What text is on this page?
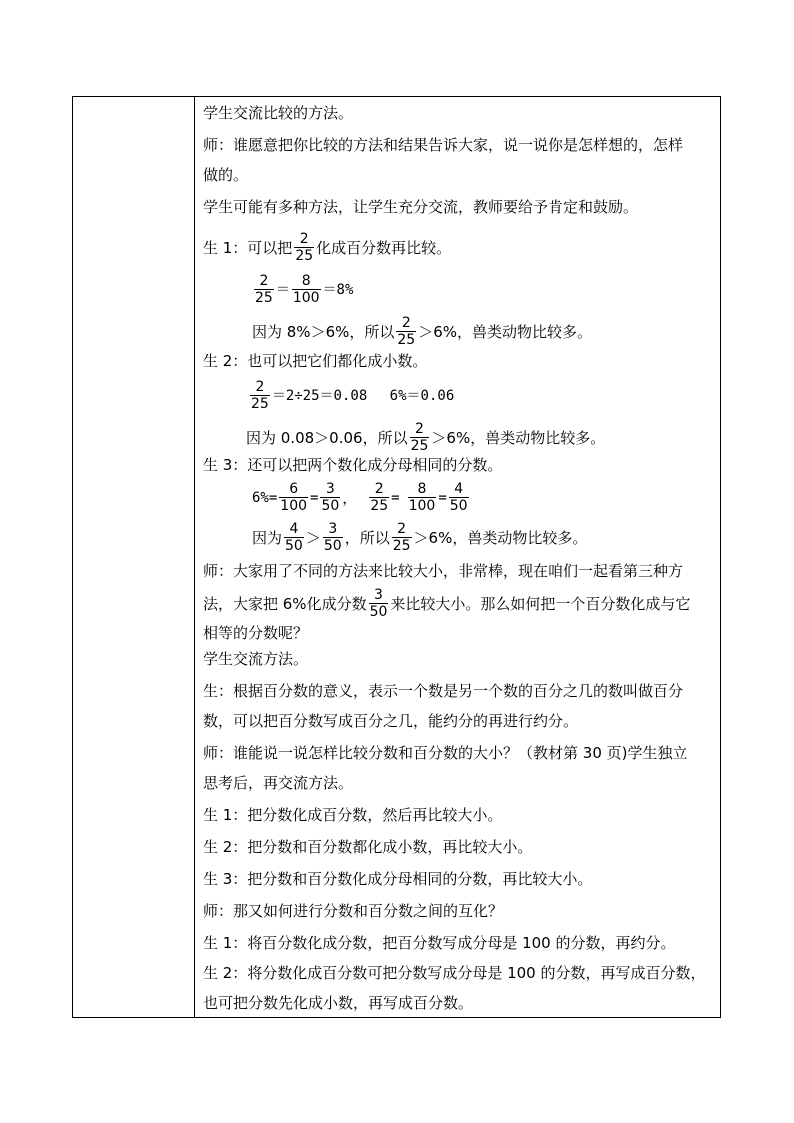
学生交流比较的方法。
师：谁愿意把你比较的方法和结果告诉大家，说一说你是怎样想的，怎样
做的。
学生可能有多种方法，让学生充分交流，教师要给予肯定和鼓励。
生 1：可以把 $\frac{2}{25}$ 化成百分数再比较。
$\frac{2}{25} = \frac{8}{100} =8\%$
因为 8%＞6%，所以 $\frac{2}{25} >6\%$，兽类动物比较多。
生 2：也可以把它们都化成小数。
$\frac{2}{25} =2\div 25=0.08$　 6%＝0.06
因为 0.08＞0.06，所以 $\frac{2}{25} >6\%$，兽类动物比较多。
生 3：还可以把两个数化成分母相同的分数。
$6\%= \frac{6}{100} = \frac{3}{50}$ ， $\frac{2}{25} = \frac{8}{100} = \frac{4}{50}$
因为 $\frac{4}{50} > \frac{3}{50}$ ，所以 $\frac{2}{25} >6\%$，兽类动物比较多。
师：大家用了不同的方法来比较大小，非常棒，现在咱们一起看第三种方
法，大家把 6%化成分数 $\frac{3}{50}$ 来比较大小。那么如何把一个百分数化成与它
相等的分数呢？
学生交流方法。
生：根据百分数的意义，表示一个数是另一个数的百分之几的数叫做百分
数，可以把百分数写成百分之几，能约分的再进行约分。
师：谁能说一说怎样比较分数和百分数的大小？（教材第 30 页)学生独立
思考后，再交流方法。
生 1：把分数化成百分数，然后再比较大小。
生 2：把分数和百分数都化成小数，再比较大小。
生 3：把分数和百分数化成分母相同的分数，再比较大小。
师：那又如何进行分数和百分数之间的互化？
生 1：将百分数化成分数，把百分数写成分母是 100 的分数，再约分。
生 2：将分数化成百分数可把分数写成分母是 100 的分数，再写成百分数，
也可把分数先化成小数，再写成百分数。
